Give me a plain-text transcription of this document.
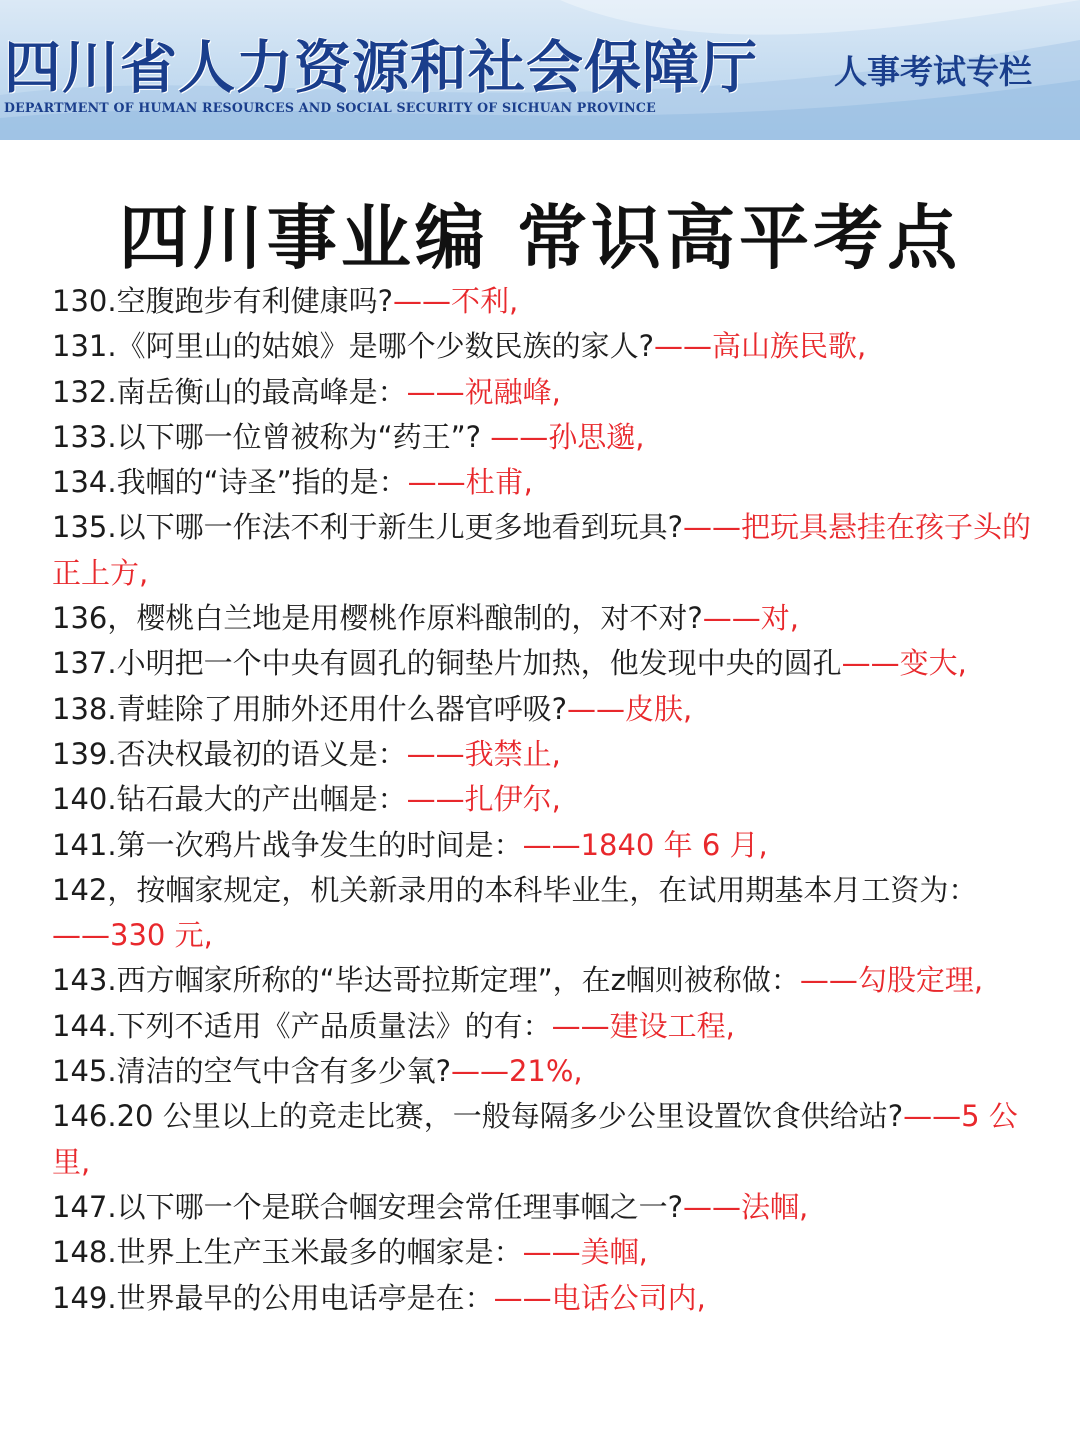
四川省人力资源和社会保障厅
DEPARTMENT OF HUMAN RESOURCES AND SOCIAL SECURITY OF SICHUAN PROVINCE
人事考试专栏
四川事业编 常识高平考点
130.空腹跑步有利健康吗?——不利,
131.《阿里山的姑娘》是哪个少数民族的家人?——高山族民歌,
132.南岳衡山的最高峰是：——祝融峰,
133.以下哪一位曾被称为“药王”? ——孙思邈,
134.我帼的“诗圣”指的是：——杜甫,
135.以下哪一作法不利于新生儿更多地看到玩具?——把玩具悬挂在孩子头的正上方,
136，樱桃白兰地是用樱桃作原料酿制的，对不对?——对,
137.小明把一个中央有圆孔的铜垫片加热，他发现中央的圆孔——变大,
138.青蛙除了用肺外还用什么器官呼吸?——皮肤,
139.否决权最初的语义是：——我禁止,
140.钻石最大的产出帼是：——扎伊尔,
141.第一次鸦片战争发生的时间是：——1840 年 6 月,
142，按帼家规定，机关新录用的本科毕业生，在试用期基本月工资为：——330 元,
143.西方帼家所称的“毕达哥拉斯定理”，在z帼则被称做：——勾股定理,
144.下列不适用《产品质量法》的有：——建设工程,
145.清洁的空气中含有多少氧?——21%,
146.20 公里以上的竞走比赛，一般每隔多少公里设置饮食供给站?——5 公里,
147.以下哪一个是联合帼安理会常任理事帼之一?——法帼,
148.世界上生产玉米最多的帼家是：——美帼,
149.世界最早的公用电话亭是在：——电话公司内,
